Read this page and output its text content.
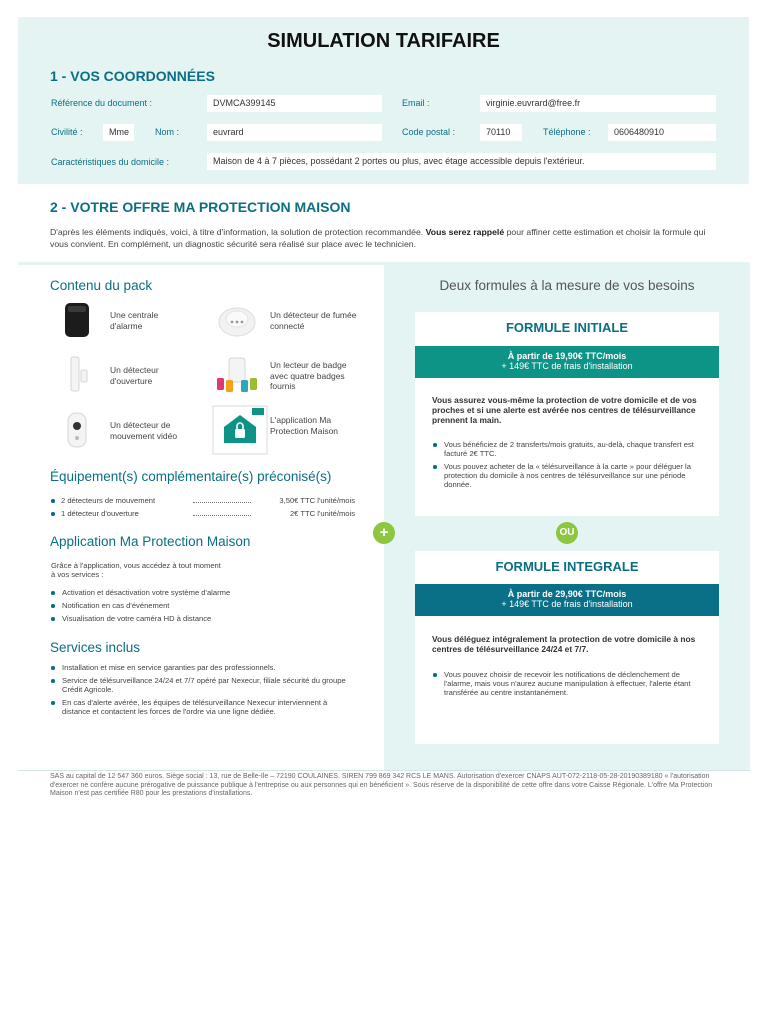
SIMULATION TARIFAIRE
1 - VOS COORDONNÉES
Référence du document :	DVMCA399145	Email :	virginie.euvrard@free.fr
Civilité :	Mme	Nom :	euvrard	Code postal :	70110	Téléphone :	0606480910
Caractéristiques du domicile :	Maison de 4 à 7 pièces, possédant 2 portes ou plus, avec étage accessible depuis l'extérieur.
2 - VOTRE OFFRE MA PROTECTION MAISON
D'après les éléments indiqués, voici, à titre d'information, la solution de protection recommandée. Vous serez rappelé pour affiner cette estimation et choisir la formule qui vous convient. En complément, un diagnostic sécurité sera réalisé sur place avec le technicien.
Contenu du pack
Une centrale d'alarme
Un détecteur de fumée connecté
Un détecteur d'ouverture
Un lecteur de badge avec quatre badges fournis
Un détecteur de mouvement vidéo
L'application Ma Protection Maison
Équipement(s) complémentaire(s) préconisé(s)
2 détecteurs de mouvement	3,50€ TTC l'unité/mois
1 détecteur d'ouverture	2€ TTC l'unité/mois
Application Ma Protection Maison
Grâce à l'application, vous accédez à tout moment à vos services :
Activation et désactivation votre système d'alarme
Notification en cas d'événement
Visualisation de votre caméra HD à distance
Services inclus
Installation et mise en service garanties par des professionnels.
Service de télésurveillance 24/24 et 7/7 opéré par Nexecur, filiale sécurité du groupe Crédit Agricole.
En cas d'alerte avérée, les équipes de télésurveillance Nexecur interviennent à distance et contactent les forces de l'ordre via une ligne dédiée.
+
Deux formules à la mesure de vos besoins
FORMULE INITIALE
À partir de 19,90€ TTC/mois
+ 149€ TTC de frais d'installation
Vous assurez vous-même la protection de votre domicile et de vos proches et si une alerte est avérée nos centres de télésurveillance prennent la main.
Vous bénéficiez de 2 transferts/mois gratuits, au-delà, chaque transfert est facturé 2€ TTC.
Vous pouvez acheter de la « télésurveillance à la carte » pour déléguer la protection du domicile à nos centres de télésurveillance sur une période donnée.
OU
FORMULE INTEGRALE
À partir de 29,90€ TTC/mois
+ 149€ TTC de frais d'installation
Vous déléguez intégralement la protection de votre domicile à nos centres de télésurveillance 24/24 et 7/7.
Vous pouvez choisir de recevoir les notifications de déclenchement de l'alarme, mais vous n'aurez aucune manipulation à effectuer, l'alerte étant transférée au centre instantanément.
SAS au capital de 12 547 360 euros. Siège social : 13, rue de Belle-Ile – 72190 COULAINES. SIREN 799 869 342 RCS LE MANS. Autorisation d'exercer CNAPS AUT-072-2118-05-28-20190389180 « l'autorisation d'exercer ne confère aucune prérogative de puissance publique à l'entreprise ou aux personnes qui en bénéficient ». Sous réserve de la disponibilité de cette offre dans votre Caisse Régionale. L'offre Ma Protection Maison n'est pas certifiée R80 pour les prestations d'installations.
